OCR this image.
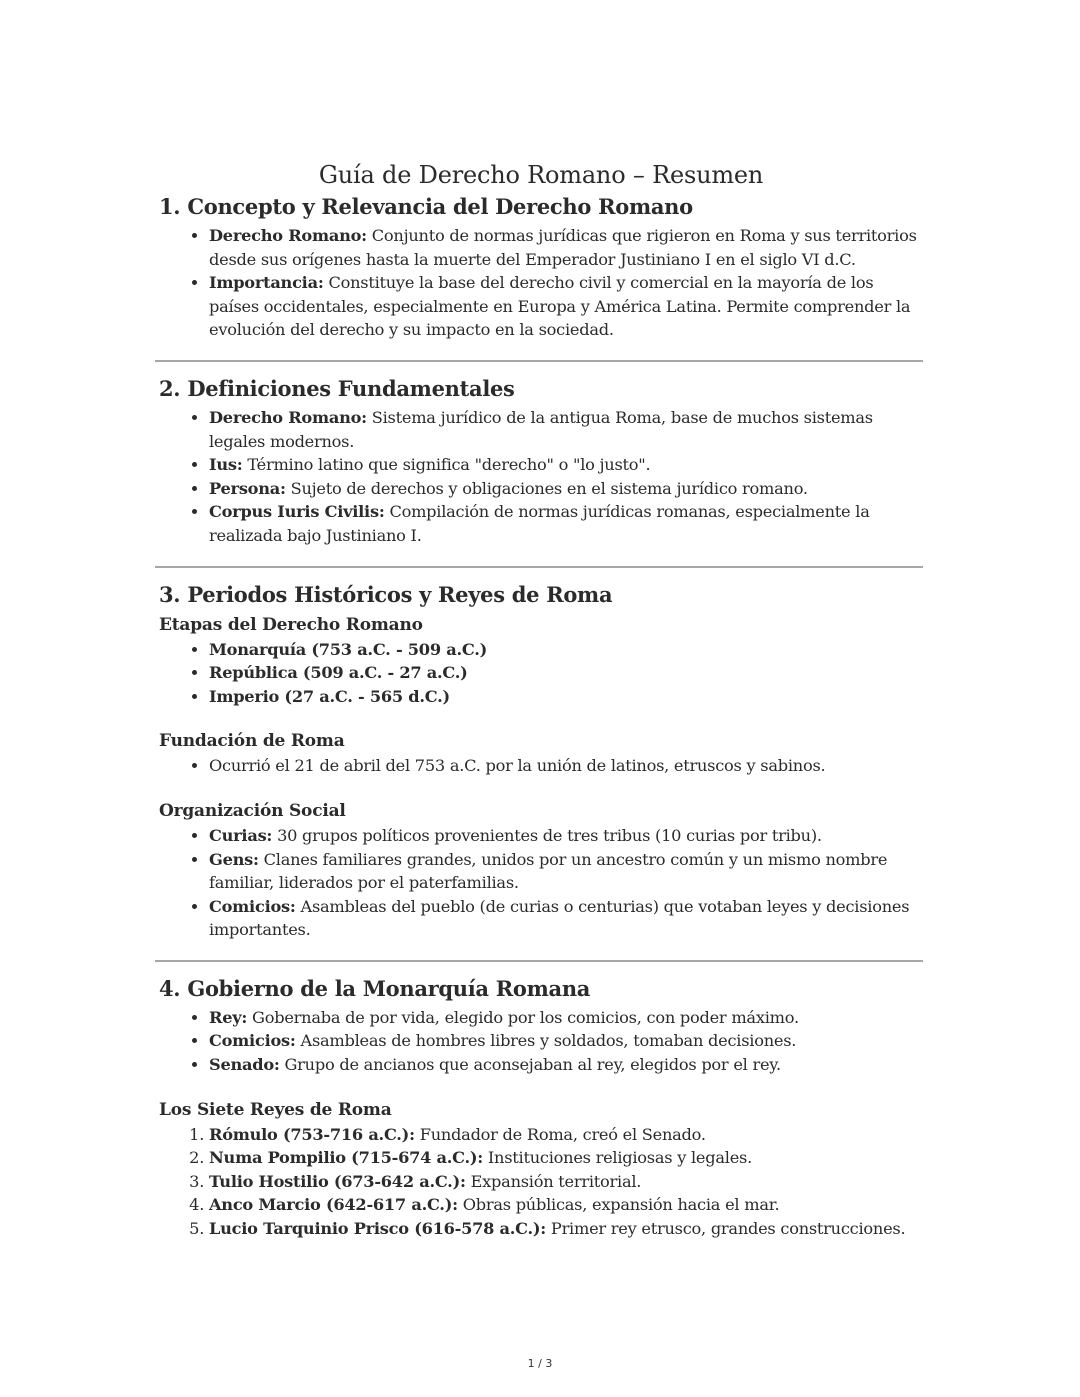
Guía de Derecho Romano – Resumen
1. Concepto y Relevancia del Derecho Romano
• Derecho Romano: Conjunto de normas jurídicas que rigieron en Roma y sus territorios desde sus orígenes hasta la muerte del Emperador Justiniano I en el siglo VI d.C.
• Importancia: Constituye la base del derecho civil y comercial en la mayoría de los países occidentales, especialmente en Europa y América Latina. Permite comprender la evolución del derecho y su impacto en la sociedad.
2. Definiciones Fundamentales
• Derecho Romano: Sistema jurídico de la antigua Roma, base de muchos sistemas legales modernos.
• Ius: Término latino que significa "derecho" o "lo justo".
• Persona: Sujeto de derechos y obligaciones en el sistema jurídico romano.
• Corpus Iuris Civilis: Compilación de normas jurídicas romanas, especialmente la realizada bajo Justiniano I.
3. Periodos Históricos y Reyes de Roma
Etapas del Derecho Romano
• Monarquía (753 a.C. - 509 a.C.)
• República (509 a.C. - 27 a.C.)
• Imperio (27 a.C. - 565 d.C.)
Fundación de Roma
• Ocurrió el 21 de abril del 753 a.C. por la unión de latinos, etruscos y sabinos.
Organización Social
• Curias: 30 grupos políticos provenientes de tres tribus (10 curias por tribu).
• Gens: Clanes familiares grandes, unidos por un ancestro común y un mismo nombre familiar, liderados por el paterfamilias.
• Comicios: Asambleas del pueblo (de curias o centurias) que votaban leyes y decisiones importantes.
4. Gobierno de la Monarquía Romana
• Rey: Gobernaba de por vida, elegido por los comicios, con poder máximo.
• Comicios: Asambleas de hombres libres y soldados, tomaban decisiones.
• Senado: Grupo de ancianos que aconsejaban al rey, elegidos por el rey.
Los Siete Reyes de Roma
1. Rómulo (753-716 a.C.): Fundador de Roma, creó el Senado.
2. Numa Pompilio (715-674 a.C.): Instituciones religiosas y legales.
3. Tulio Hostilio (673-642 a.C.): Expansión territorial.
4. Anco Marcio (642-617 a.C.): Obras públicas, expansión hacia el mar.
5. Lucio Tarquinio Prisco (616-578 a.C.): Primer rey etrusco, grandes construcciones.
1 / 3
